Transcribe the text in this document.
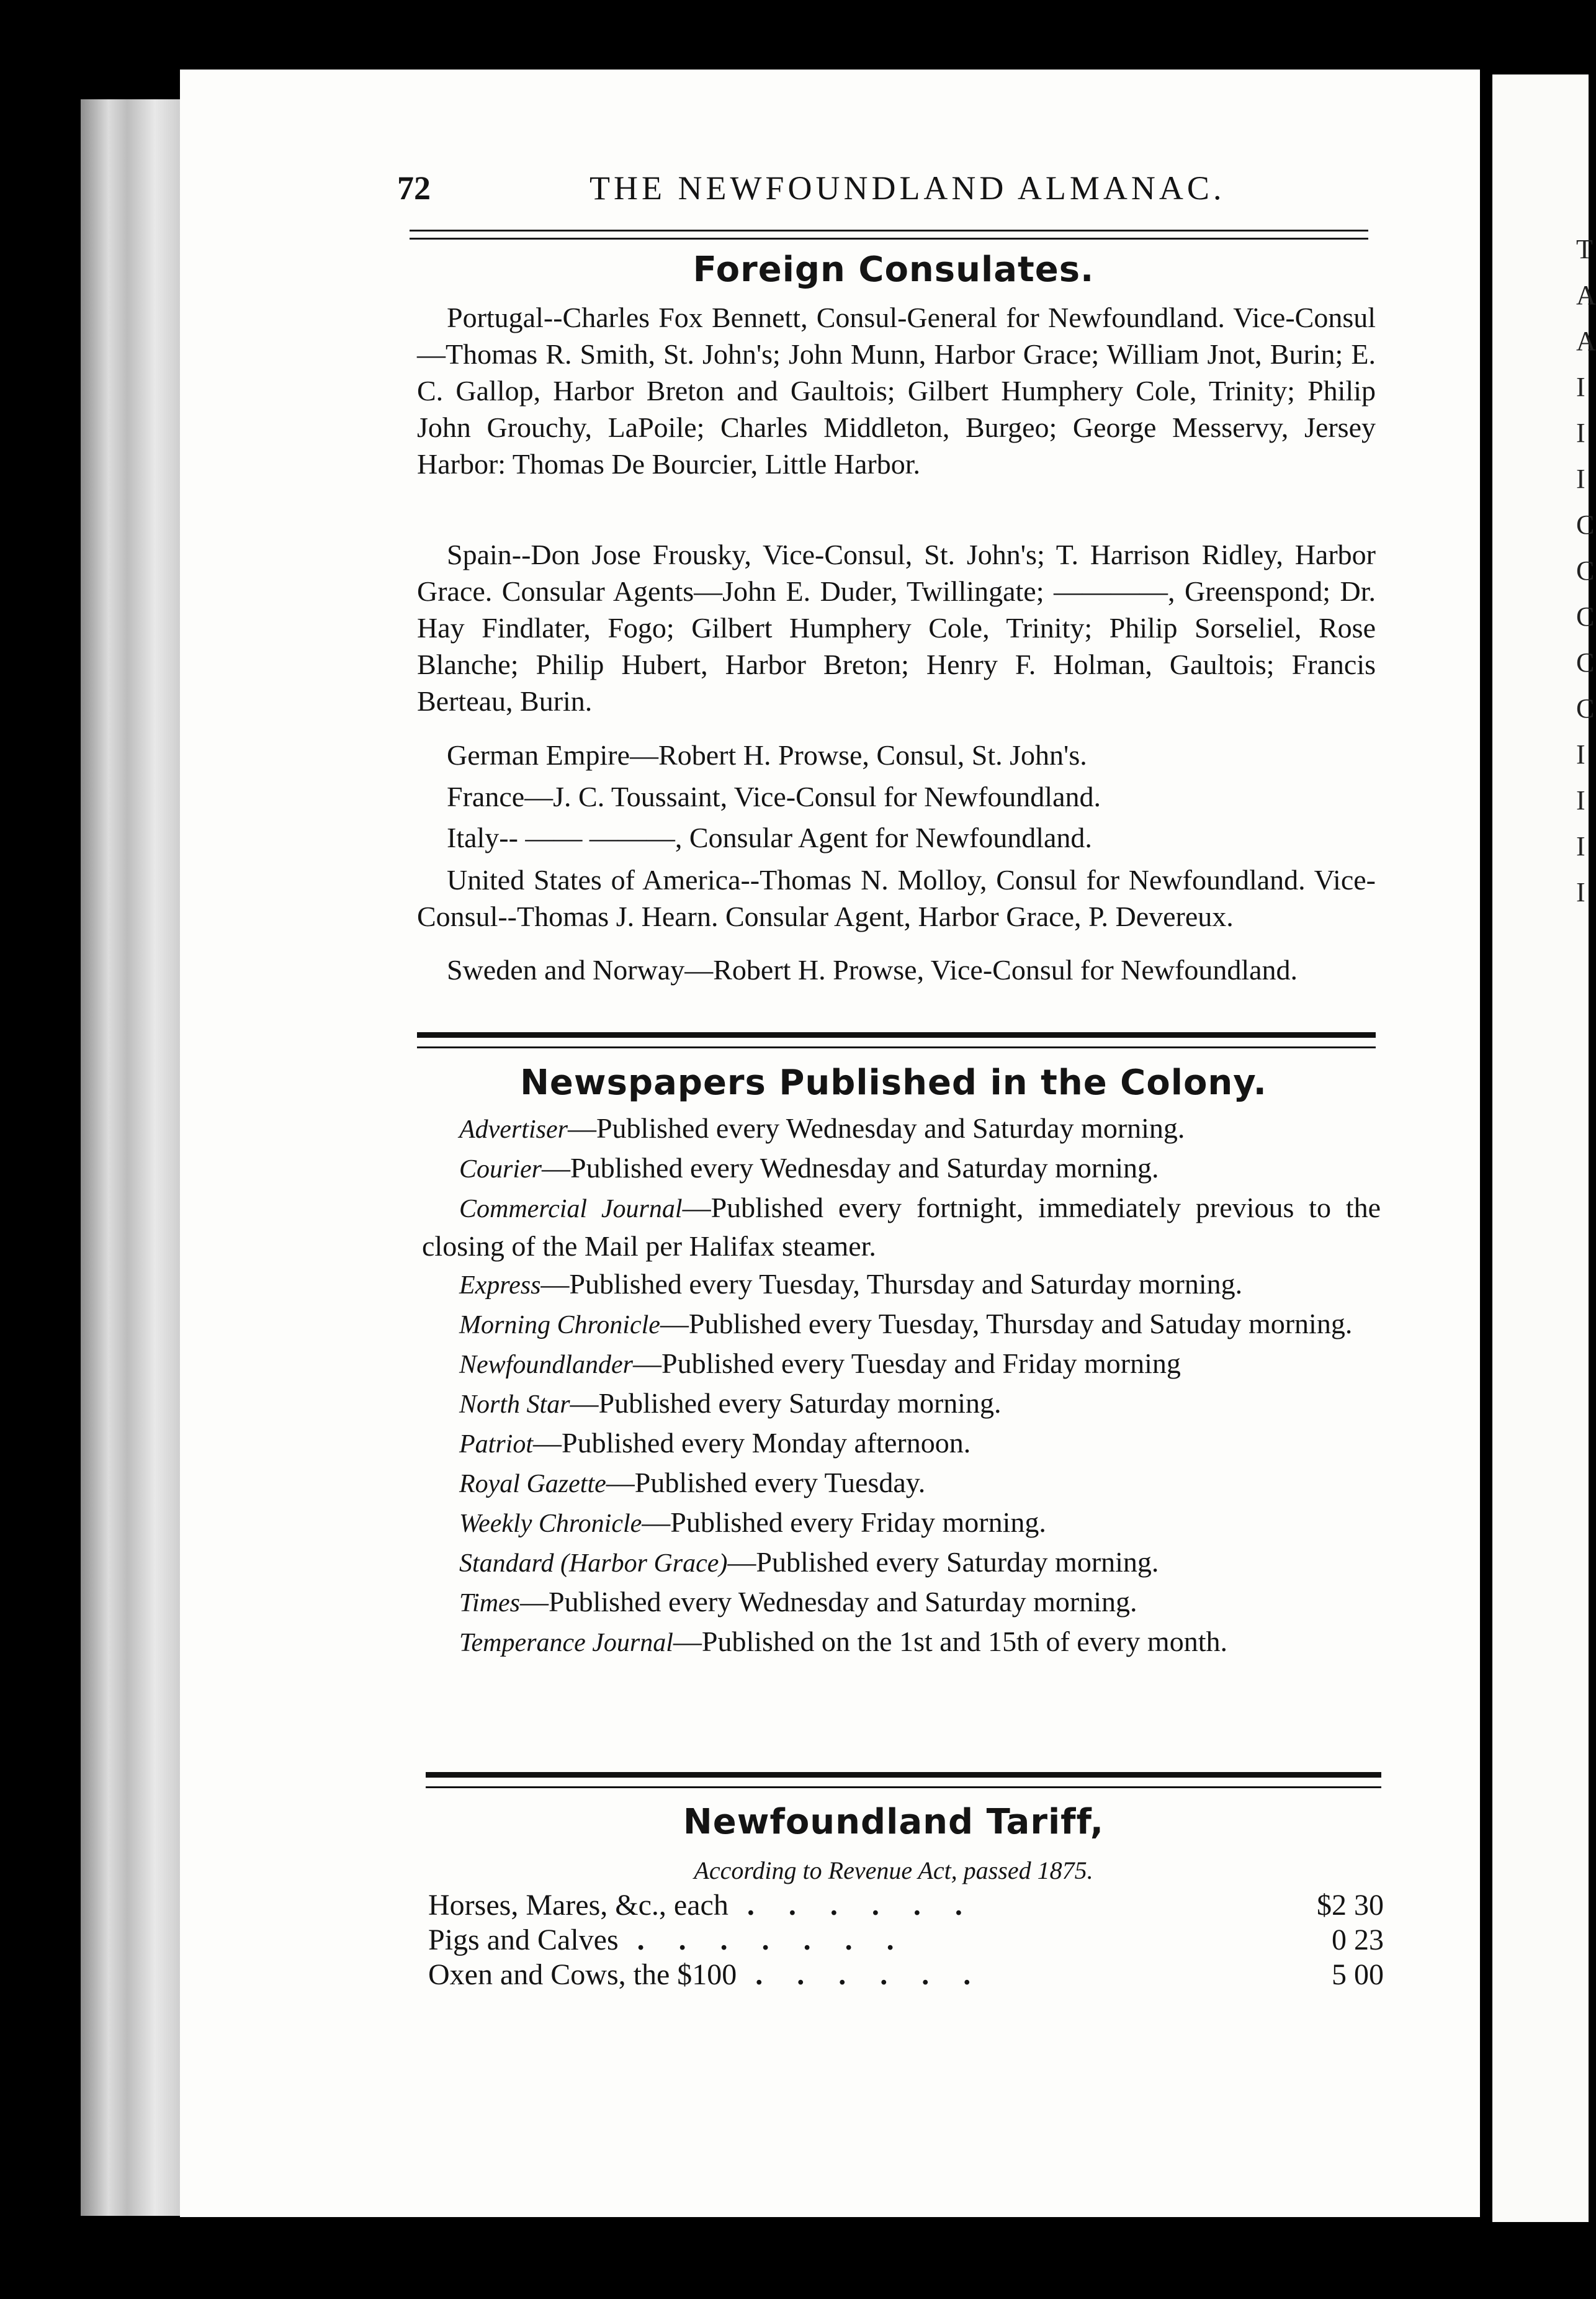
T
A
A
I
I
I
C
C
C
C
C
I
I
I
I
72	THE NEWFOUNDLAND ALMANAC.
Foreign Consulates.
Portugal--Charles Fox Bennett, Consul-General for Newfoundland. Vice-Consul—Thomas R. Smith, St. John's; John Munn, Harbor Grace; William Jnot, Burin; E. C. Gallop, Harbor Breton and Gaultois; Gilbert Humphery Cole, Trinity; Philip John Grouchy, LaPoile; Charles Middleton, Burgeo; George Messervy, Jersey Harbor: Thomas De Bourcier, Little Harbor.
Spain--Don Jose Frousky, Vice-Consul, St. John's; T. Harrison Ridley, Harbor Grace. Consular Agents—John E. Duder, Twillingate; ————, Greenspond; Dr. Hay Findlater, Fogo; Gilbert Humphery Cole, Trinity; Philip Sorseliel, Rose Blanche; Philip Hubert, Harbor Breton; Henry F. Holman, Gaultois; Francis Berteau, Burin.
German Empire—Robert H. Prowse, Consul, St. John's.
France—J. C. Toussaint, Vice-Consul for Newfoundland.
Italy-- —— ———, Consular Agent for Newfoundland.
United States of America--Thomas N. Molloy, Consul for Newfoundland. Vice-Consul--Thomas J. Hearn. Consular Agent, Harbor Grace, P. Devereux.
Sweden and Norway—Robert H. Prowse, Vice-Consul for Newfoundland.
Newspapers Published in the Colony.
Advertiser—Published every Wednesday and Saturday morning.
Courier—Published every Wednesday and Saturday morning.
Commercial Journal—Published every fortnight, immediately previous to the closing of the Mail per Halifax steamer.
Express—Published every Tuesday, Thursday and Saturday morning.
Morning Chronicle—Published every Tuesday, Thursday and Satuday morning.
Newfoundlander—Published every Tuesday and Friday morning
North Star—Published every Saturday morning.
Patriot—Published every Monday afternoon.
Royal Gazette—Published every Tuesday.
Weekly Chronicle—Published every Friday morning.
Standard (Harbor Grace)—Published every Saturday morning.
Times—Published every Wednesday and Saturday morning.
Temperance Journal—Published on the 1st and 15th of every month.
Newfoundland Tariff,
According to Revenue Act, passed 1875.
Horses, Mares, &c., each ......	$2 30
Pigs and Calves .......	0 23
Oxen and Cows, the $100 ......	5 00
